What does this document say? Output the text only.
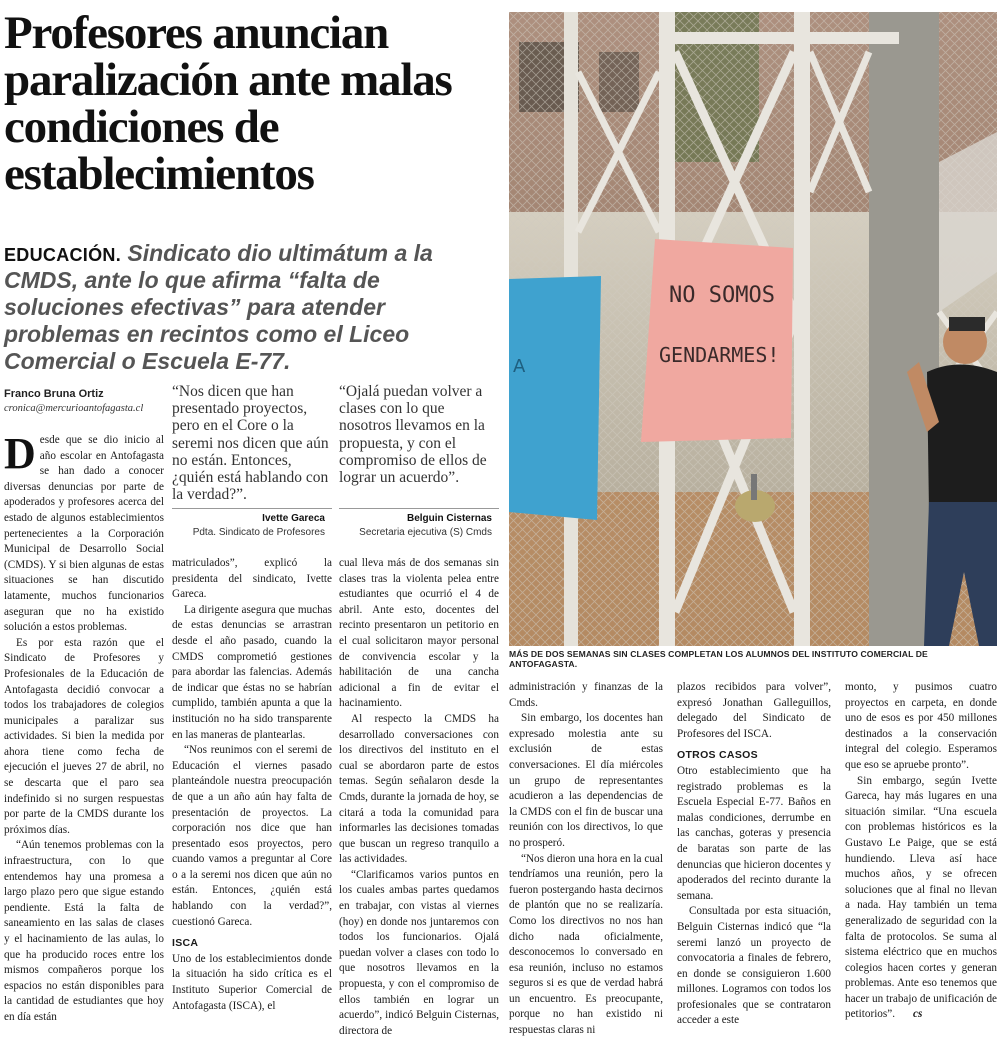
Profesores anuncian paralización ante malas condiciones de establecimientos
EDUCACIÓN. Sindicato dio ultimátum a la CMDS, ante lo que afirma “falta de soluciones efectivas” para atender problemas en recintos como el Liceo Comercial o Escuela E-77.	A
NO SOMOS
GENDARMES!
MÁS DE DOS SEMANAS SIN CLASES COMPLETAN LOS ALUMNOS DEL INSTITUTO COMERCIAL DE ANTOFAGASTA.
Franco Bruna Ortiz
cronica@mercurioantofagasta.cl
“Nos dicen que han presentado proyectos, pero en el Core o la seremi nos dicen que aún no están. Entonces, ¿quién está hablando con la verdad?”.
Ivette Gareca
Pdta. Sindicato de Profesores
“Ojalá puedan volver a clases con lo que nosotros llevamos en la propuesta, y con el compromiso de ellos de lograr un acuerdo”.
Belguin Cisternas
Secretaria ejecutiva (S) Cmds

Desde que se dio inicio al año escolar en Antofagasta se han dado a conocer diversas denuncias por parte de apoderados y profesores acerca del estado de algunos establecimientos pertenecientes a la Corporación Municipal de Desarrollo Social (CMDS). Y si bien algunas de estas situaciones se han discutido latamente, muchos funcionarios aseguran que no ha existido solución a estos problemas.

Es por esta razón que el Sindicato de Profesores y Profesionales de la Educación de Antofagasta decidió convocar a todos los trabajadores de colegios municipales a paralizar sus actividades. Si bien la medida por ahora tiene como fecha de ejecución el jueves 27 de abril, no se descarta que el paro sea indefinido si no surgen respuestas por parte de la CMDS durante los próximos días.

“Aún tenemos problemas con la infraestructura, con lo que entendemos hay una promesa a largo plazo pero que sigue estando pendiente. Está la falta de saneamiento en las salas de clases y el hacinamiento de las aulas, lo que ha producido roces entre los mismos compañeros porque los espacios no están disponibles para la cantidad de estudiantes que hoy en día están

matriculados”, explicó la presidenta del sindicato, Ivette Gareca.

La dirigente asegura que muchas de estas denuncias se arrastran desde el año pasado, cuando la CMDS comprometió gestiones para abordar las falencias. Además de indicar que éstas no se habrían cumplido, también apunta a que la institución no ha sido transparente en las maneras de plantearlas.

“Nos reunimos con el seremi de Educación el viernes pasado planteándole nuestra preocupación de que a un año aún hay falta de presentación de proyectos. La corporación nos dice que han presentado esos proyectos, pero cuando vamos a preguntar al Core o a la seremi nos dicen que aún no están. Entonces, ¿quién está hablando con la verdad?”, cuestionó Gareca.

ISCA

Uno de los establecimientos donde la situación ha sido crítica es el Instituto Superior Comercial de Antofagasta (ISCA), el

cual lleva más de dos semanas sin clases tras la violenta pelea entre estudiantes que ocurrió el 4 de abril. Ante esto, docentes del recinto presentaron un petitorio en el cual solicitaron mayor personal de convivencia escolar y la habilitación de una cancha adicional a fin de evitar el hacinamiento.

Al respecto la CMDS ha desarrollado conversaciones con los directivos del instituto en el cual se abordaron parte de estos temas. Según señalaron desde la Cmds, durante la jornada de hoy, se citará a toda la comunidad para informarles las decisiones tomadas que buscan un regreso tranquilo a las actividades.

“Clarificamos varios puntos en los cuales ambas partes quedamos en trabajar, con vistas al viernes (hoy) en donde nos juntaremos con todos los funcionarios. Ojalá puedan volver a clases con todo lo que nosotros llevamos en la propuesta, y con el compromiso de ellos también en lograr un acuerdo”, indicó Belguin Cisternas, directora de

administración y finanzas de la Cmds.

Sin embargo, los docentes han expresado molestia ante su exclusión de estas conversaciones. El día miércoles un grupo de representantes acudieron a las dependencias de la CMDS con el fin de buscar una reunión con los directivos, lo que no prosperó.

“Nos dieron una hora en la cual tendríamos una reunión, pero la fueron postergando hasta decirnos de plantón que no se realizaría. Como los directivos no nos han dicho nada oficialmente, desconocemos lo conversado en esa reunión, incluso no estamos seguros si es que de verdad habrá un encuentro. Es preocupante, porque no han existido ni respuestas claras ni

plazos recibidos para volver”, expresó Jonathan Galleguillos, delegado del Sindicato de Profesores del ISCA.

OTROS CASOS

Otro establecimiento que ha registrado problemas es la Escuela Especial E-77. Baños en malas condiciones, derrumbe en las canchas, goteras y presencia de baratas son parte de las denuncias que hicieron docentes y apoderados del recinto durante la semana.

Consultada por esta situación, Belguin Cisternas indicó que “la seremi lanzó un proyecto de convocatoria a finales de febrero, en donde se consiguieron 1.600 millones. Logramos con todos los profesionales que se contrataron acceder a este

monto, y pusimos cuatro proyectos en carpeta, en donde uno de esos es por 450 millones destinados a la conservación integral del colegio. Esperamos que eso se apruebe pronto”.

Sin embargo, según Ivette Gareca, hay más lugares en una situación similar. “Una escuela con problemas históricos es la Gustavo Le Paige, que se está hundiendo. Lleva así hace muchos años, y se ofrecen soluciones que al final no llevan a nada. Hay también un tema generalizado de seguridad con la falta de protocolos. Se suma al sistema eléctrico que en muchos colegios hacen cortes y generan problemas. Ante eso tenemos que hacer un trabajo de unificación de petitorios”. cs
